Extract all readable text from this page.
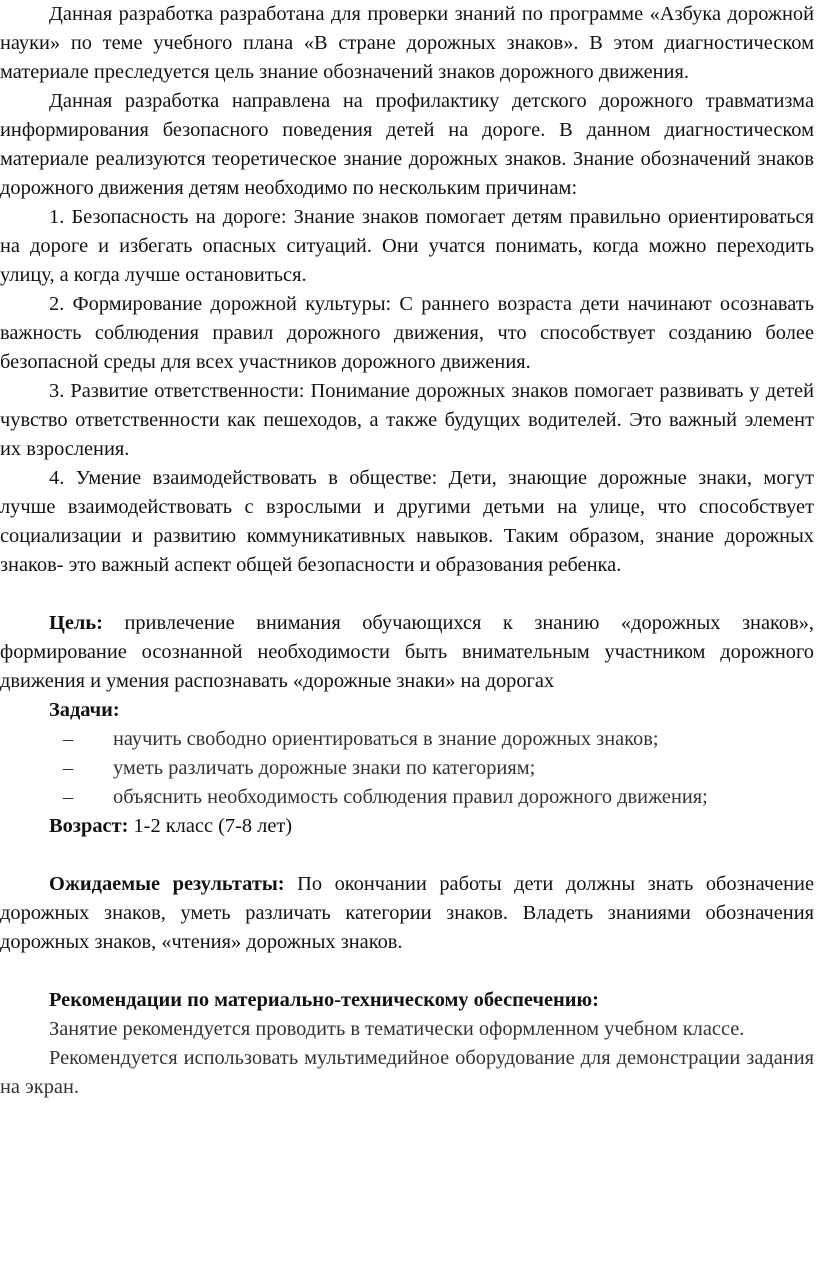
Данная разработка разработана для проверки знаний по программе «Азбука дорожной науки» по теме учебного плана «В стране дорожных знаков». В этом диагностическом материале преследуется цель знание обозначений знаков дорожного движения.

Данная разработка направлена на профилактику детского дорожного травматизма информирования безопасного поведения детей на дороге. В данном диагностическом материале реализуются теоретическое знание дорожных знаков. Знание обозначений знаков дорожного движения детям необходимо по нескольким причинам:

1. Безопасность на дороге: Знание знаков помогает детям правильно ориентироваться на дороге и избегать опасных ситуаций. Они учатся понимать, когда можно переходить улицу, а когда лучше остановиться.

2. Формирование дорожной культуры: С раннего возраста дети начинают осознавать важность соблюдения правил дорожного движения, что способствует созданию более безопасной среды для всех участников дорожного движения.

3. Развитие ответственности: Понимание дорожных знаков помогает развивать у детей чувство ответственности как пешеходов, а также будущих водителей. Это важный элемент их взросления.

4. Умение взаимодействовать в обществе: Дети, знающие дорожные знаки, могут лучше взаимодействовать с взрослыми и другими детьми на улице, что способствует социализации и развитию коммуникативных навыков. Таким образом, знание дорожных знаков- это важный аспект общей безопасности и образования ребенка.

Цель: привлечение внимания обучающихся к знанию «дорожных знаков», формирование осознанной необходимости быть внимательным участником дорожного движения и умения распознавать «дорожные знаки» на дорогах

Задачи:

– научить свободно ориентироваться в знание дорожных знаков;
– уметь различать дорожные знаки по категориям;
– объяснить необходимость соблюдения правил дорожного движения;

Возраст: 1-2 класс (7-8 лет)

Ожидаемые результаты: По окончании работы дети должны знать обозначение дорожных знаков, уметь различать категории знаков. Владеть знаниями обозначения дорожных знаков, «чтения» дорожных знаков.

Рекомендации по материально-техническому обеспечению:

Занятие рекомендуется проводить в тематически оформленном учебном классе.

Рекомендуется использовать мультимедийное оборудование для демонстрации задания на экран.
